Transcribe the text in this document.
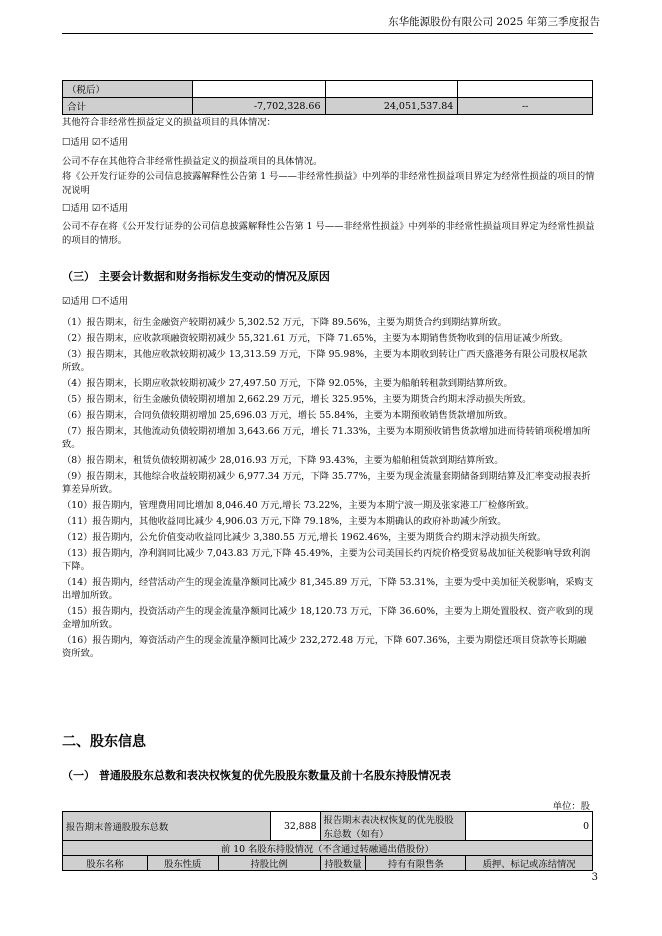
东华能源股份有限公司 2025 年第三季度报告
（税后）			
合计	-7,702,328.66	24,051,537.84	--
其他符合非经常性损益定义的损益项目的具体情况：
☐适用 ☑不适用
公司不存在其他符合非经常性损益定义的损益项目的具体情况。
将《公开发行证券的公司信息披露解释性公告第 1 号——非经常性损益》中列举的非经常性损益项目界定为经常性损益的项目的情况说明
☐适用 ☑不适用
公司不存在将《公开发行证券的公司信息披露解释性公告第 1 号——非经常性损益》中列举的非经常性损益项目界定为经常性损益的项目的情形。
（三） 主要会计数据和财务指标发生变动的情况及原因
☑适用 ☐不适用

（1）报告期末，衍生金融资产较期初减少 5,302.52 万元，下降 89.56%，主要为期货合约到期结算所致。

（2）报告期末，应收款项融资较期初减少 55,321.61 万元，下降 71.65%，主要为本期销售货物收到的信用证减少所致。

（3）报告期末，其他应收款较期初减少 13,313.59 万元，下降 95.98%，主要为本期收到转让广西天盛港务有限公司股权尾款所致。

（4）报告期末，长期应收款较期初减少 27,497.50 万元，下降 92.05%，主要为船舶转租款到期结算所致。

（5）报告期末，衍生金融负债较期初增加 2,662.29 万元，增长 325.95%，主要为期货合约期末浮动损失所致。

（6）报告期末，合同负债较期初增加 25,696.03 万元，增长 55.84%，主要为本期预收销售货款增加所致。

（7）报告期末，其他流动负债较期初增加 3,643.66 万元，增长 71.33%，主要为本期预收销售货款增加进而待转销项税增加所致。

（8）报告期末，租赁负债较期初减少 28,016.93 万元，下降 93.43%，主要为船舶租赁款到期结算所致。

（9）报告期末，其他综合收益较期初减少 6,977.34 万元，下降 35.77%，主要为现金流量套期储备到期结算及汇率变动报表折算差异所致。

（10）报告期内，管理费用同比增加 8,046.40 万元,增长 73.22%，主要为本期宁波一期及张家港工厂检修所致。

（11）报告期内，其他收益同比减少 4,906.03 万元,下降 79.18%，主要为本期确认的政府补助减少所致。

（12）报告期内，公允价值变动收益同比减少 3,380.55 万元,增长 1962.46%，主要为期货合约期末浮动损失所致。

（13）报告期内，净利润同比减少 7,043.83 万元,下降 45.49%，主要为公司美国长约丙烷价格受贸易战加征关税影响导致利润下降。

（14）报告期内，经营活动产生的现金流量净额同比减少 81,345.89 万元，下降 53.31%，主要为受中美加征关税影响，采购支出增加所致。

（15）报告期内，投资活动产生的现金流量净额同比减少 18,120.73 万元，下降 36.60%，主要为上期处置股权、资产收到的现金增加所致。

（16）报告期内，筹资活动产生的现金流量净额同比减少 232,272.48 万元，下降 607.36%，主要为期偿还项目贷款等长期融资所致。

二、股东信息
（一） 普通股股东总数和表决权恢复的优先股股东数量及前十名股东持股情况表
单位：股
报告期末普通股股东总数			32,888	报告期末表决权恢复的优先股股东总数（如有）		0
前 10 名股东持股情况（不含通过转融通出借股份）						
股东名称	股东性质	持股比例		持股数量	持有有限售条	质押、标记或冻结情况
3
